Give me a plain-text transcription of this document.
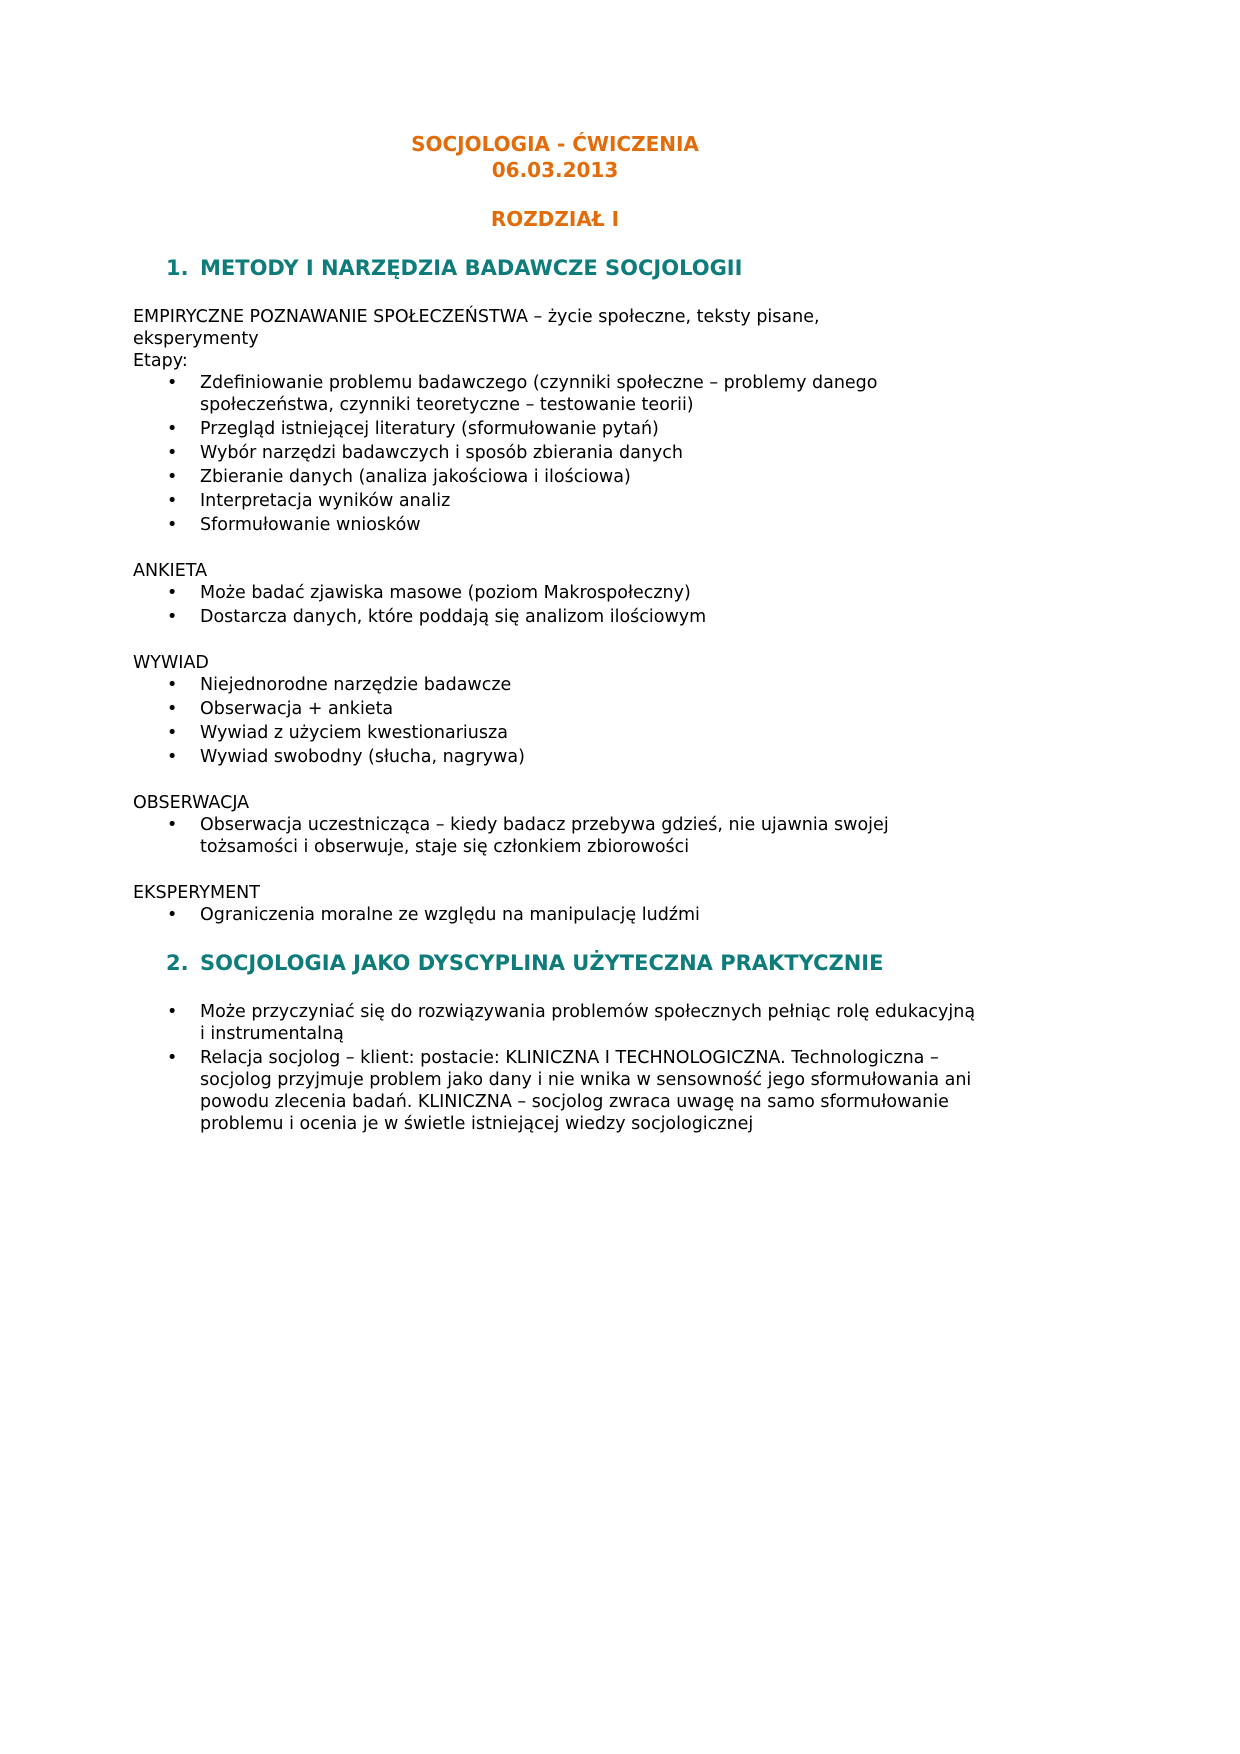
SOCJOLOGIA - ĆWICZENIA
06.03.2013
ROZDZIAŁ I
1. METODY I NARZĘDZIA BADAWCZE SOCJOLOGII

EMPIRYCZNE POZNAWANIE SPOŁECZEŃSTWA – życie społeczne, teksty pisane, eksperymenty

Etapy:

• Zdefiniowanie problemu badawczego (czynniki społeczne – problemy danego społeczeństwa, czynniki teoretyczne – testowanie teorii)
• Przegląd istniejącej literatury (sformułowanie pytań)
• Wybór narzędzi badawczych i sposób zbierania danych
• Zbieranie danych (analiza jakościowa i ilościowa)
• Interpretacja wyników analiz
• Sformułowanie wniosków

ANKIETA

• Może badać zjawiska masowe (poziom Makrospołeczny)
• Dostarcza danych, które poddają się analizom ilościowym

WYWIAD

• Niejednorodne narzędzie badawcze
• Obserwacja + ankieta
• Wywiad z użyciem kwestionariusza
• Wywiad swobodny (słucha, nagrywa)

OBSERWACJA

• Obserwacja uczestnicząca – kiedy badacz przebywa gdzieś, nie ujawnia swojej tożsamości i obserwuje, staje się członkiem zbiorowości

EKSPERYMENT

• Ograniczenia moralne ze względu na manipulację ludźmi
2. SOCJOLOGIA JAKO DYSCYPLINA UŻYTECZNA PRAKTYCZNIE
• Może przyczyniać się do rozwiązywania problemów społecznych pełniąc rolę edukacyjną i instrumentalną
• Relacja socjolog – klient: postacie: KLINICZNA I TECHNOLOGICZNA. Technologiczna – socjolog przyjmuje problem jako dany i nie wnika w sensowność jego sformułowania ani powodu zlecenia badań. KLINICZNA – socjolog zwraca uwagę na samo sformułowanie problemu i ocenia je w świetle istniejącej wiedzy socjologicznej
